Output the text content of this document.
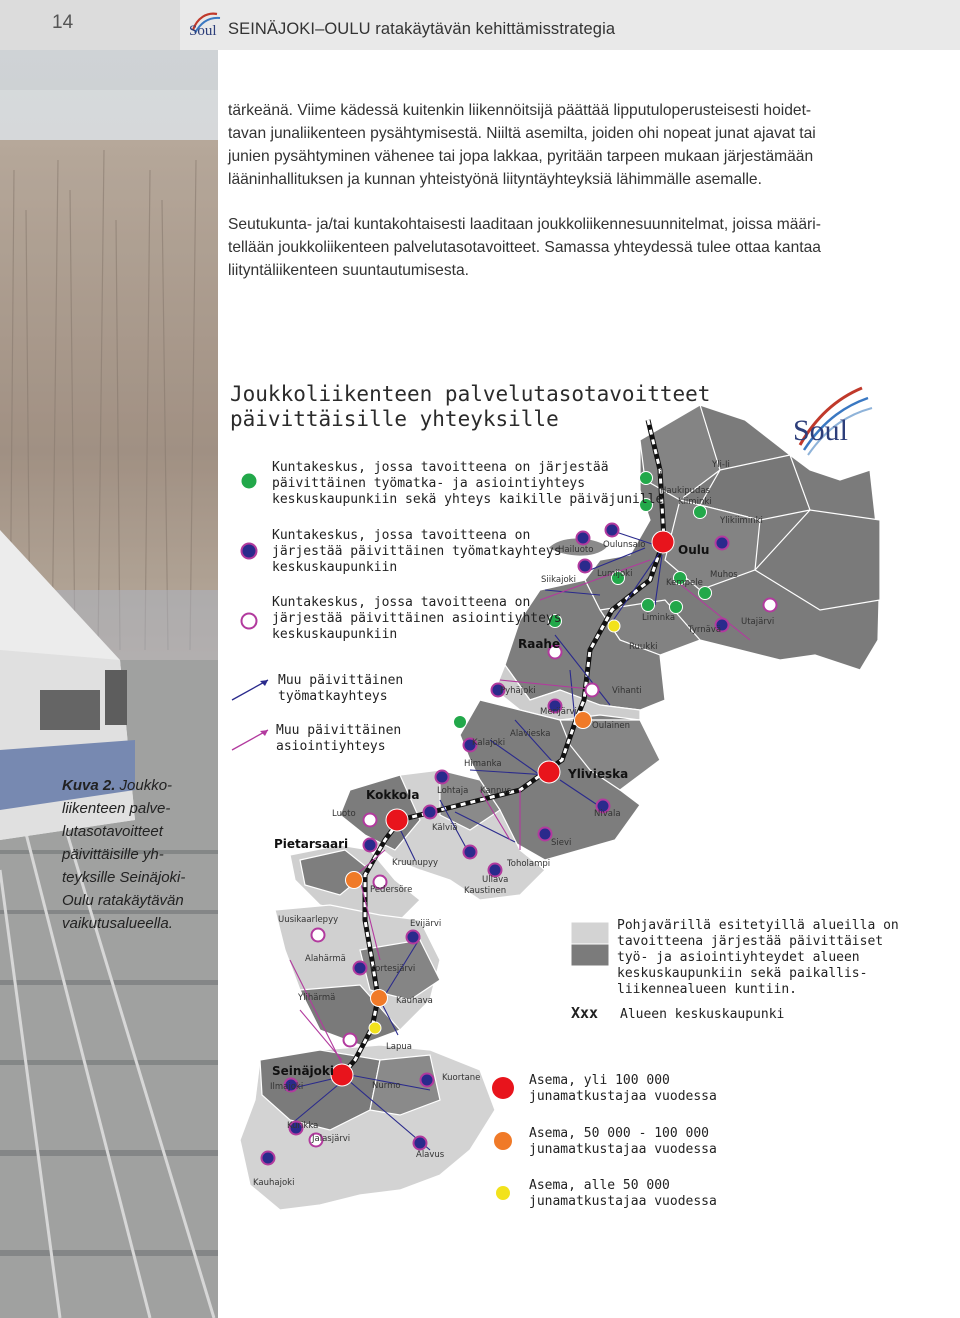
14	Soul SEINÄJOKI–OULU ratakäytävän kehittämisstrategia
tärkeänä. Viime kädessä kuitenkin liikennöitsijä päättää lipputuloperusteisesti hoidet-
tavan junaliikenteen pysähtymisestä. Niiltä asemilta, joiden ohi nopeat junat ajavat tai
junien pysähtyminen vähenee tai jopa lakkaa, pyritään tarpeen mukaan järjestämään
lääninhallituksen ja kunnan yhteistyönä liityntäyhteyksiä lähimmälle asemalle.
Seutukunta- ja/tai kuntakohtaisesti laaditaan joukkoliikennesuunnitelmat, joissa määri-
tellään joukkoliikenteen palvelutasotavoitteet. Samassa yhteydessä tulee ottaa kantaa
liityntäliikenteen suuntautumisesta.
Joukkoliikenteen palvelutasotavoitteet
päivittäisille yhteyksille	Soul
Ii
Yli-Ii
Haukipudas
Kiiminki
Ylikiiminki
Hailuoto Oulunsalo	Oulu
Siikajoki
Lumijoki
Kempele
Muhos
Liminka
Tyrnävä
Utajärvi
Raahe	Ruukki
Pyhäjoki	Vihanti
Merijärvi
Oulainen
Alavieska
Kalajoki
Himanka
Ylivieska
Lohtaja Kannus
Kokkola
Luoto
Kälviä
Nivala
Pietarsaari	Sievi
Kruunupyy	Toholampi
Ullava
Kaustinen
Pedersöre
Uusikaarlepyy	Evijärvi
Alahärmä
Kortesjärvi
Ylihärmä	Kauhava
Lapua
Seinäjoki
Ilmajoki	Nurmo
Kuortane
Kurikka
Jalasjärvi
Alavus
Kauhajoki
Kuntakeskus, jossa tavoitteena on järjestää
päivittäinen työmatka- ja asiointiyhteys
keskuskaupunkiin sekä yhteys kaikille päiväjunille
Kuntakeskus, jossa tavoitteena on
järjestää päivittäinen työmatkayhteys
keskuskaupunkiin
Kuntakeskus, jossa tavoitteena on
järjestää päivittäinen asiointiyhteys
keskuskaupunkiin
Muu päivittäinen
työmatkayhteys
Muu päivittäinen
asiointiyhteys
Pohjavärillä esitetyillä alueilla on
tavoitteena järjestää päivittäiset
työ- ja asiointiyhteydet alueen
keskuskaupunkiin sekä paikallis-
liikennealueen kuntiin.
Xxx Alueen keskuskaupunki
Asema, yli 100 000
junamatkustajaa vuodessa
Asema, 50 000 - 100 000
junamatkustajaa vuodessa
Asema, alle 50 000
junamatkustajaa vuodessa
Kuva 2. Joukko-
liikenteen palve-
lutasotavoitteet
päivittäisille yh-
teyksille Seinäjoki-
Oulu ratakäytävän
vaikutusalueella.
